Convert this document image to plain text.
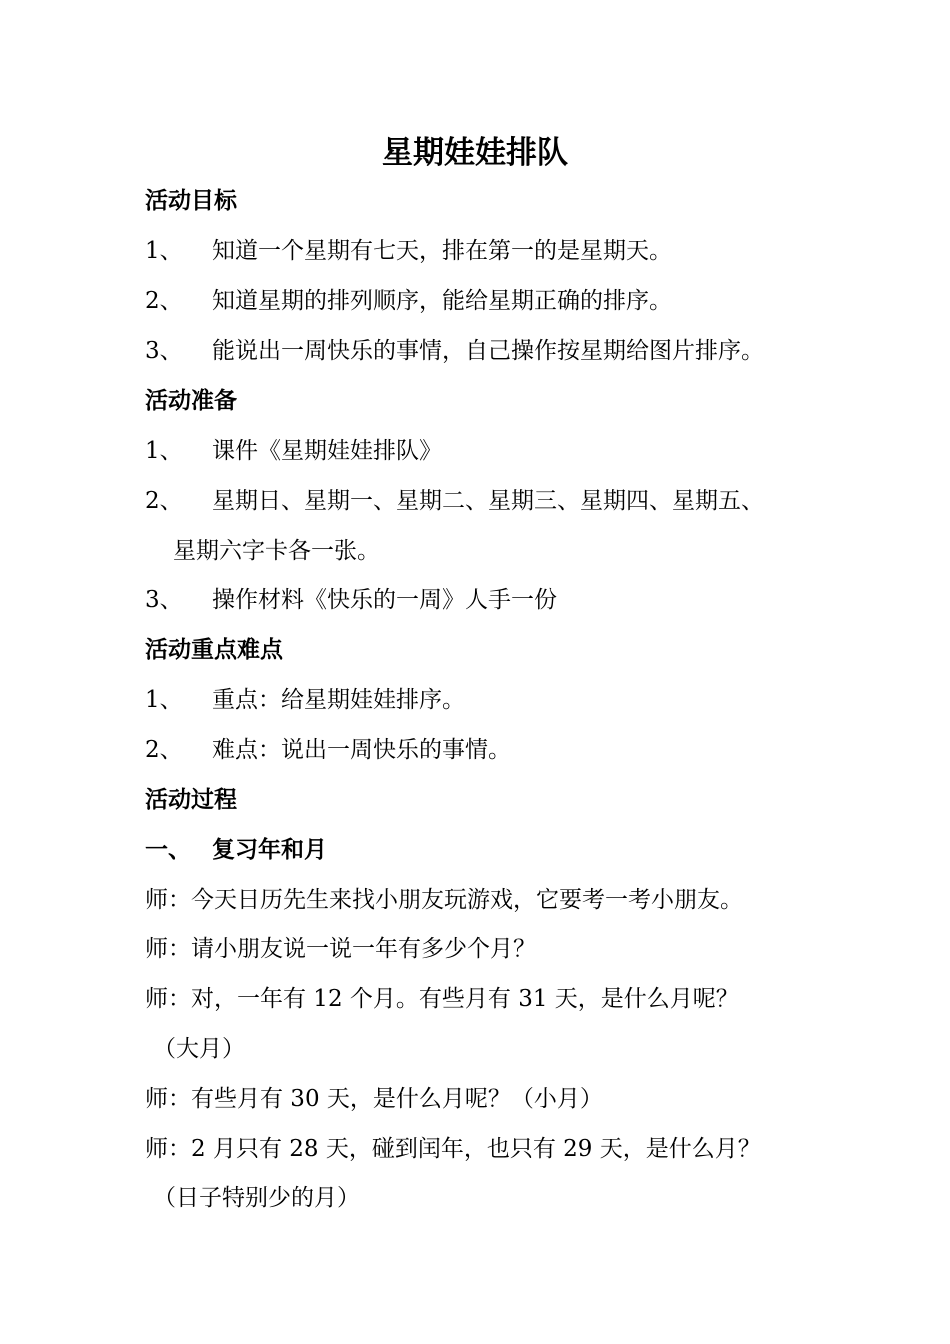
星期娃娃排队
活动目标
1、 知道一个星期有七天，排在第一的是星期天。
2、 知道星期的排列顺序，能给星期正确的排序。
3、 能说出一周快乐的事情，自己操作按星期给图片排序。
活动准备
1、 课件《星期娃娃排队》
2、 星期日、星期一、星期二、星期三、星期四、星期五、
星期六字卡各一张。
3、 操作材料《快乐的一周》人手一份
活动重点难点
1、 重点：给星期娃娃排序。
2、 难点：说出一周快乐的事情。
活动过程
一、 复习年和月
师：今天日历先生来找小朋友玩游戏，它要考一考小朋友。
师：请小朋友说一说一年有多少个月？
师：对，一年有 12 个月。有些月有 31 天，是什么月呢？
（大月）
师：有些月有 30 天，是什么月呢？（小月）
师：2 月只有 28 天，碰到闰年，也只有 29 天，是什么月？
（日子特别少的月）
